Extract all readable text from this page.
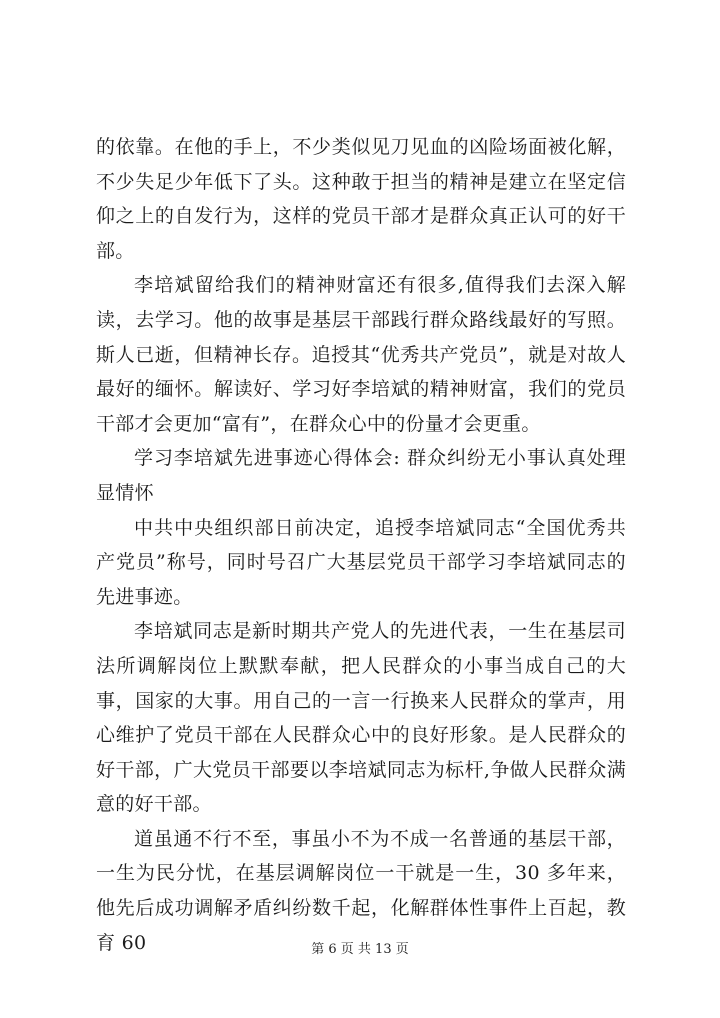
的依靠。在他的手上，不少类似见刀见血的凶险场面被化解，不少失足少年低下了头。这种敢于担当的精神是建立在坚定信仰之上的自发行为，这样的党员干部才是群众真正认可的好干部。

李培斌留给我们的精神财富还有很多,值得我们去深入解读，去学习。他的故事是基层干部践行群众路线最好的写照。斯人已逝，但精神长存。追授其“优秀共产党员”，就是对故人最好的缅怀。解读好、学习好李培斌的精神财富，我们的党员干部才会更加“富有”，在群众心中的份量才会更重。

学习李培斌先进事迹心得体会: 群众纠纷无小事认真处理显情怀

中共中央组织部日前决定，追授李培斌同志“全国优秀共产党员”称号，同时号召广大基层党员干部学习李培斌同志的先进事迹。

李培斌同志是新时期共产党人的先进代表，一生在基层司法所调解岗位上默默奉献，把人民群众的小事当成自己的大事，国家的大事。用自己的一言一行换来人民群众的掌声，用心维护了党员干部在人民群众心中的良好形象。是人民群众的好干部，广大党员干部要以李培斌同志为标杆,争做人民群众满意的好干部。

道虽通不行不至，事虽小不为不成一名普通的基层干部，一生为民分忧，在基层调解岗位一干就是一生，30 多年来，他先后成功调解矛盾纠纷数千起，化解群体性事件上百起，教育 60	第 6 页 共 13 页
